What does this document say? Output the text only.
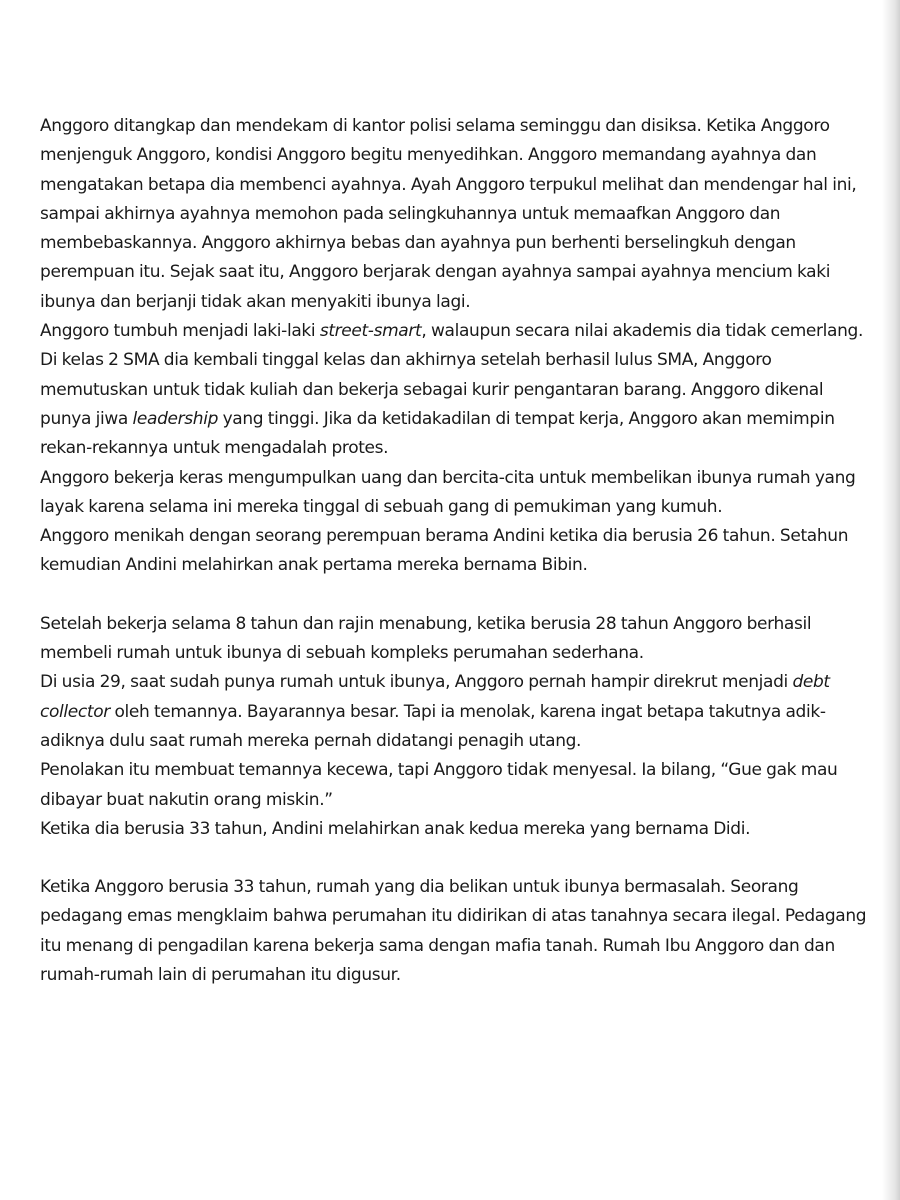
Anggoro ditangkap dan mendekam di kantor polisi selama seminggu dan disiksa. Ketika Anggoro menjenguk Anggoro, kondisi Anggoro begitu menyedihkan. Anggoro memandang ayahnya dan mengatakan betapa dia membenci ayahnya. Ayah Anggoro terpukul melihat dan mendengar hal ini, sampai akhirnya ayahnya memohon pada selingkuhannya untuk memaafkan Anggoro dan membebaskannya. Anggoro akhirnya bebas dan ayahnya pun berhenti berselingkuh dengan perempuan itu. Sejak saat itu, Anggoro berjarak dengan ayahnya sampai ayahnya mencium kaki ibunya dan berjanji tidak akan menyakiti ibunya lagi.

Anggoro tumbuh menjadi laki-laki street-smart, walaupun secara nilai akademis dia tidak cemerlang. Di kelas 2 SMA dia kembali tinggal kelas dan akhirnya setelah berhasil lulus SMA, Anggoro memutuskan untuk tidak kuliah dan bekerja sebagai kurir pengantaran barang. Anggoro dikenal punya jiwa leadership yang tinggi. Jika da ketidakadilan di tempat kerja, Anggoro akan memimpin rekan-rekannya untuk mengadalah protes.

Anggoro bekerja keras mengumpulkan uang dan bercita-cita untuk membelikan ibunya rumah yang layak karena selama ini mereka tinggal di sebuah gang di pemukiman yang kumuh.

Anggoro menikah dengan seorang perempuan berama Andini ketika dia berusia 26 tahun. Setahun kemudian Andini melahirkan anak pertama mereka bernama Bibin.

Setelah bekerja selama 8 tahun dan rajin menabung, ketika berusia 28 tahun Anggoro berhasil membeli rumah untuk ibunya di sebuah kompleks perumahan sederhana.

Di usia 29, saat sudah punya rumah untuk ibunya, Anggoro pernah hampir direkrut menjadi debt collector oleh temannya. Bayarannya besar. Tapi ia menolak, karena ingat betapa takutnya adik-adiknya dulu saat rumah mereka pernah didatangi penagih utang.

Penolakan itu membuat temannya kecewa, tapi Anggoro tidak menyesal. Ia bilang, “Gue gak mau dibayar buat nakutin orang miskin.”

Ketika dia berusia 33 tahun, Andini melahirkan anak kedua mereka yang bernama Didi.

Ketika Anggoro berusia 33 tahun, rumah yang dia belikan untuk ibunya bermasalah. Seorang pedagang emas mengklaim bahwa perumahan itu didirikan di atas tanahnya secara ilegal. Pedagang itu menang di pengadilan karena bekerja sama dengan mafia tanah. Rumah Ibu Anggoro dan dan rumah-rumah lain di perumahan itu digusur.
